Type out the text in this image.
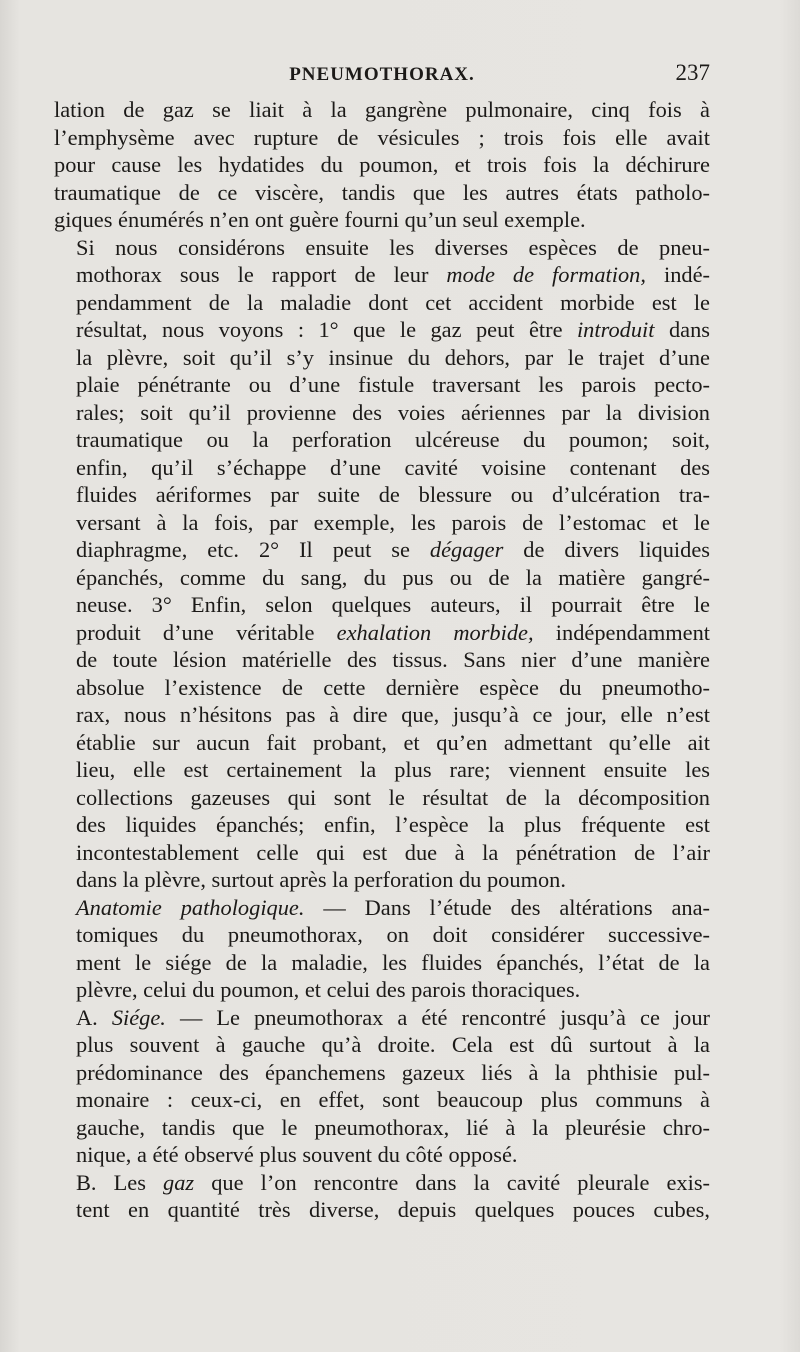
PNEUMOTHORAX.	237

lation de gaz se liait à la gangrène pulmonaire, cinq fois à
l’emphysème avec rupture de vésicules ; trois fois elle avait
pour cause les hydatides du poumon, et trois fois la déchirure
traumatique de ce viscère, tandis que les autres états patholo-
giques énumérés n’en ont guère fourni qu’un seul exemple.

Si nous considérons ensuite les diverses espèces de pneu-
mothorax sous le rapport de leur mode de formation, indé-
pendamment de la maladie dont cet accident morbide est le
résultat, nous voyons : 1° que le gaz peut être introduit dans
la plèvre, soit qu’il s’y insinue du dehors, par le trajet d’une
plaie pénétrante ou d’une fistule traversant les parois pecto-
rales; soit qu’il provienne des voies aériennes par la division
traumatique ou la perforation ulcéreuse du poumon; soit,
enfin, qu’il s’échappe d’une cavité voisine contenant des
fluides aériformes par suite de blessure ou d’ulcération tra-
versant à la fois, par exemple, les parois de l’estomac et le
diaphragme, etc. 2° Il peut se dégager de divers liquides
épanchés, comme du sang, du pus ou de la matière gangré-
neuse. 3° Enfin, selon quelques auteurs, il pourrait être le
produit d’une véritable exhalation morbide, indépendamment
de toute lésion matérielle des tissus. Sans nier d’une manière
absolue l’existence de cette dernière espèce du pneumotho-
rax, nous n’hésitons pas à dire que, jusqu’à ce jour, elle n’est
établie sur aucun fait probant, et qu’en admettant qu’elle ait
lieu, elle est certainement la plus rare; viennent ensuite les
collections gazeuses qui sont le résultat de la décomposition
des liquides épanchés; enfin, l’espèce la plus fréquente est
incontestablement celle qui est due à la pénétration de l’air
dans la plèvre, surtout après la perforation du poumon.

Anatomie pathologique. — Dans l’étude des altérations ana-
tomiques du pneumothorax, on doit considérer successive-
ment le siége de la maladie, les fluides épanchés, l’état de la
plèvre, celui du poumon, et celui des parois thoraciques.

A. Siége. — Le pneumothorax a été rencontré jusqu’à ce jour
plus souvent à gauche qu’à droite. Cela est dû surtout à la
prédominance des épanchemens gazeux liés à la phthisie pul-
monaire : ceux-ci, en effet, sont beaucoup plus communs à
gauche, tandis que le pneumothorax, lié à la pleurésie chro-
nique, a été observé plus souvent du côté opposé.

B. Les gaz que l’on rencontre dans la cavité pleurale exis-
tent en quantité très diverse, depuis quelques pouces cubes,
